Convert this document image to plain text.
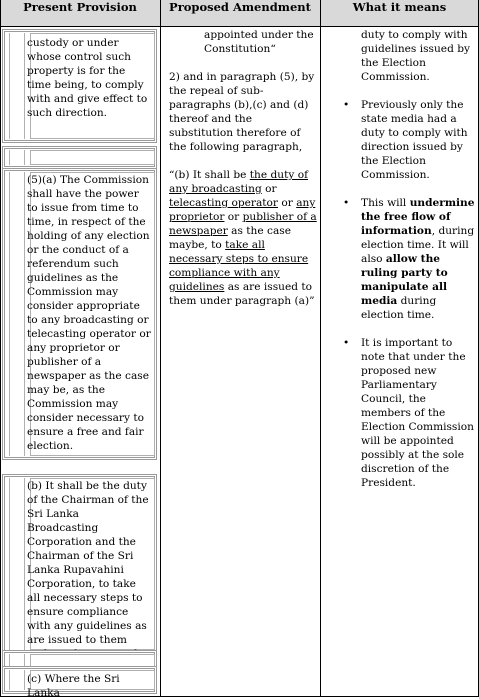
Present Provision	Proposed Amendment	What it means
custody or under whose control such property is for the time being, to comply with and give effect to such direction.
(5)(a) The Commission shall have the power to issue from time to time, in respect of the holding of any election or the conduct of a referendum such guidelines as the Commission may consider appropriate to any broadcasting or telecasting operator or any proprietor or publisher of a newspaper as the case may be, as the Commission may consider necessary to ensure a free and fair election.
(b) It shall be the duty of the Chairman of the Sri Lanka Broadcasting Corporation and the Chairman of the Sri Lanka Rupavahini Corporation, to take all necessary steps to ensure compliance with any guidelines as are issued to them
(c) Where the Sri Lanka
appointed under the
Constitution“
2) and in paragraph (5), by the repeal of sub-paragraphs (b),(c) and (d) thereof and the substitution therefore of the following paragraph,
“(b) It shall be the duty of any broadcasting or telecasting operator or any proprietor or publisher of a newspaper as the case maybe, to take all necessary steps to ensure compliance with any guidelines as are issued to them under paragraph (a)”
duty to comply with guidelines issued by the Election Commission.
• Previously only the state media had a duty to comply with direction issued by the Election Commission.
• This will undermine the free flow of information, during election time. It will also allow the ruling party to manipulate all media during election time.
• It is important to note that under the proposed new Parliamentary Council, the members of the Election Commission will be appointed possibly at the sole discretion of the President.
